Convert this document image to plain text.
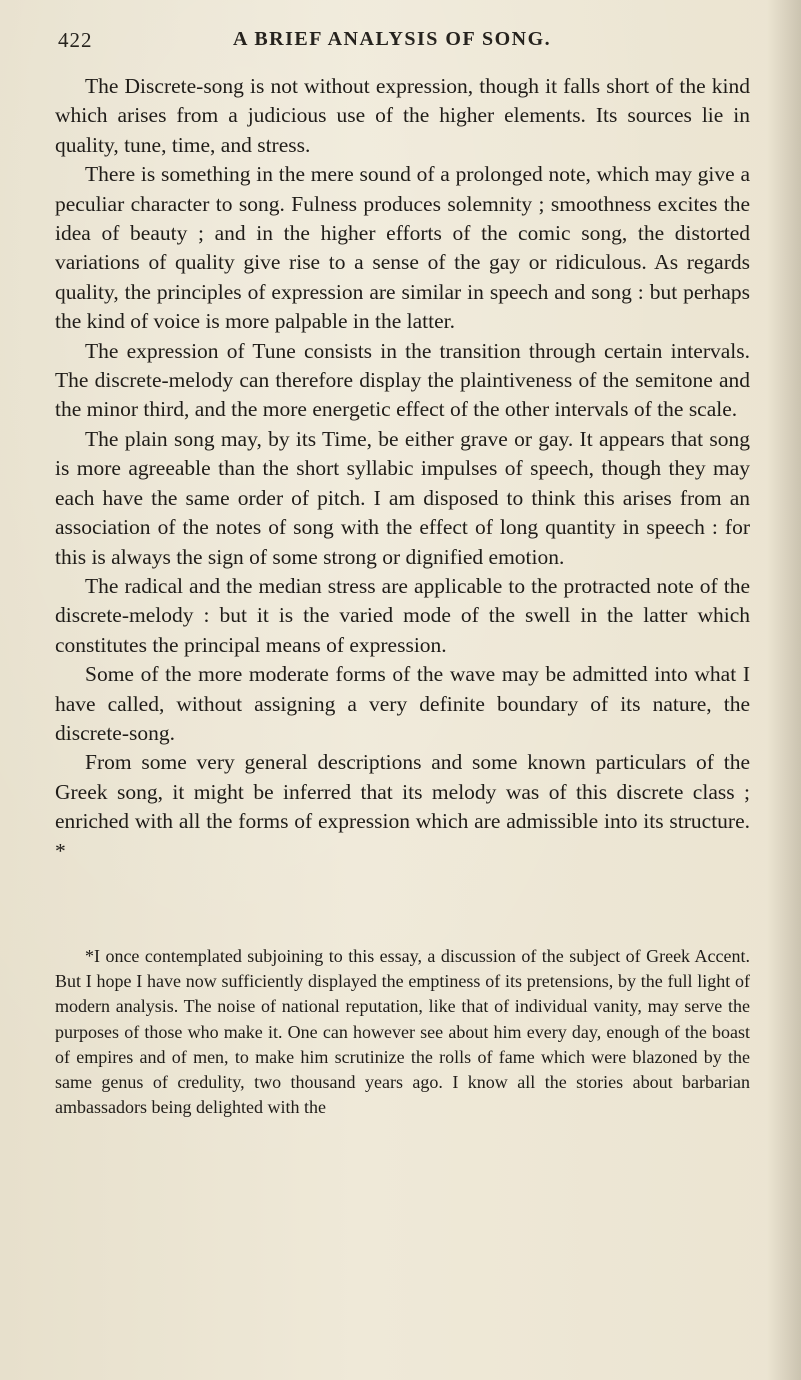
422	A BRIEF ANALYSIS OF SONG.

The Discrete-song is not without expression, though it falls short of the kind which arises from a judicious use of the higher elements. Its sources lie in quality, tune, time, and stress.

There is something in the mere sound of a prolonged note, which may give a peculiar character to song. Fulness produces solemnity ; smoothness excites the idea of beauty ; and in the higher efforts of the comic song, the distorted variations of quality give rise to a sense of the gay or ridiculous. As regards quality, the principles of expression are similar in speech and song : but perhaps the kind of voice is more palpable in the latter.

The expression of Tune consists in the transition through certain intervals. The discrete-melody can therefore display the plaintiveness of the semitone and the minor third, and the more energetic effect of the other intervals of the scale.

The plain song may, by its Time, be either grave or gay. It appears that song is more agreeable than the short syllabic impulses of speech, though they may each have the same order of pitch. I am disposed to think this arises from an association of the notes of song with the effect of long quantity in speech : for this is always the sign of some strong or dignified emotion.

The radical and the median stress are applicable to the protracted note of the discrete-melody : but it is the varied mode of the swell in the latter which constitutes the principal means of expression.

Some of the more moderate forms of the wave may be admitted into what I have called, without assigning a very definite boundary of its nature, the discrete-song.

From some very general descriptions and some known particulars of the Greek song, it might be inferred that its melody was of this discrete class ; enriched with all the forms of expression which are admissible into its structure. *

*I once contemplated subjoining to this essay, a discussion of the subject of Greek Accent. But I hope I have now sufficiently displayed the emptiness of its pretensions, by the full light of modern analysis. The noise of national reputation, like that of individual vanity, may serve the purposes of those who make it. One can however see about him every day, enough of the boast of empires and of men, to make him scrutinize the rolls of fame which were blazoned by the same genus of credulity, two thousand years ago. I know all the stories about barbarian ambassadors being delighted with the
